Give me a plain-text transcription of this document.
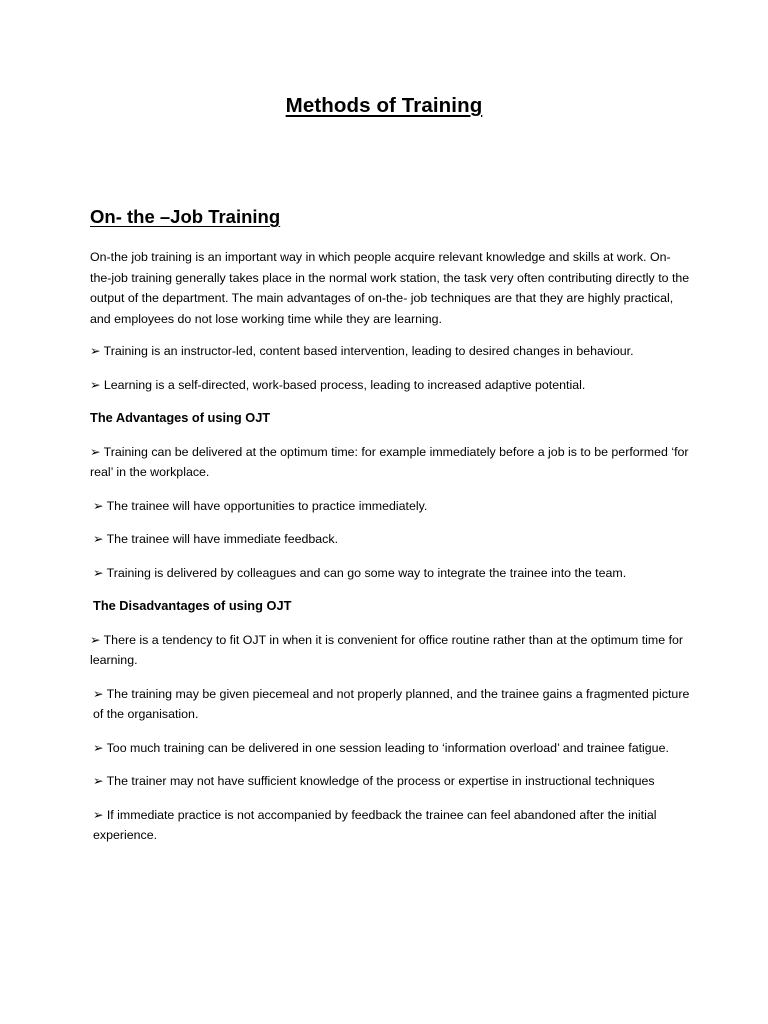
Methods of Training
On- the –Job Training

On-the job training is an important way in which people acquire relevant knowledge and skills at work. On-the-job training generally takes place in the normal work station, the task very often contributing directly to the output of the department. The main advantages of on-the- job techniques are that they are highly practical, and employees do not lose working time while they are learning.

➢ Training is an instructor-led, content based intervention, leading to desired changes in behaviour.

➢ Learning is a self-directed, work-based process, leading to increased adaptive potential.

The Advantages of using OJT

➢ Training can be delivered at the optimum time: for example immediately before a job is to be performed ‘for real’ in the workplace.

➢ The trainee will have opportunities to practice immediately.

➢ The trainee will have immediate feedback.

➢ Training is delivered by colleagues and can go some way to integrate the trainee into the team.

The Disadvantages of using OJT

➢ There is a tendency to fit OJT in when it is convenient for office routine rather than at the optimum time for learning.

➢ The training may be given piecemeal and not properly planned, and the trainee gains a fragmented picture of the organisation.

➢ Too much training can be delivered in one session leading to ‘information overload’ and trainee fatigue.

➢ The trainer may not have sufficient knowledge of the process or expertise in instructional techniques

➢ If immediate practice is not accompanied by feedback the trainee can feel abandoned after the initial experience.
